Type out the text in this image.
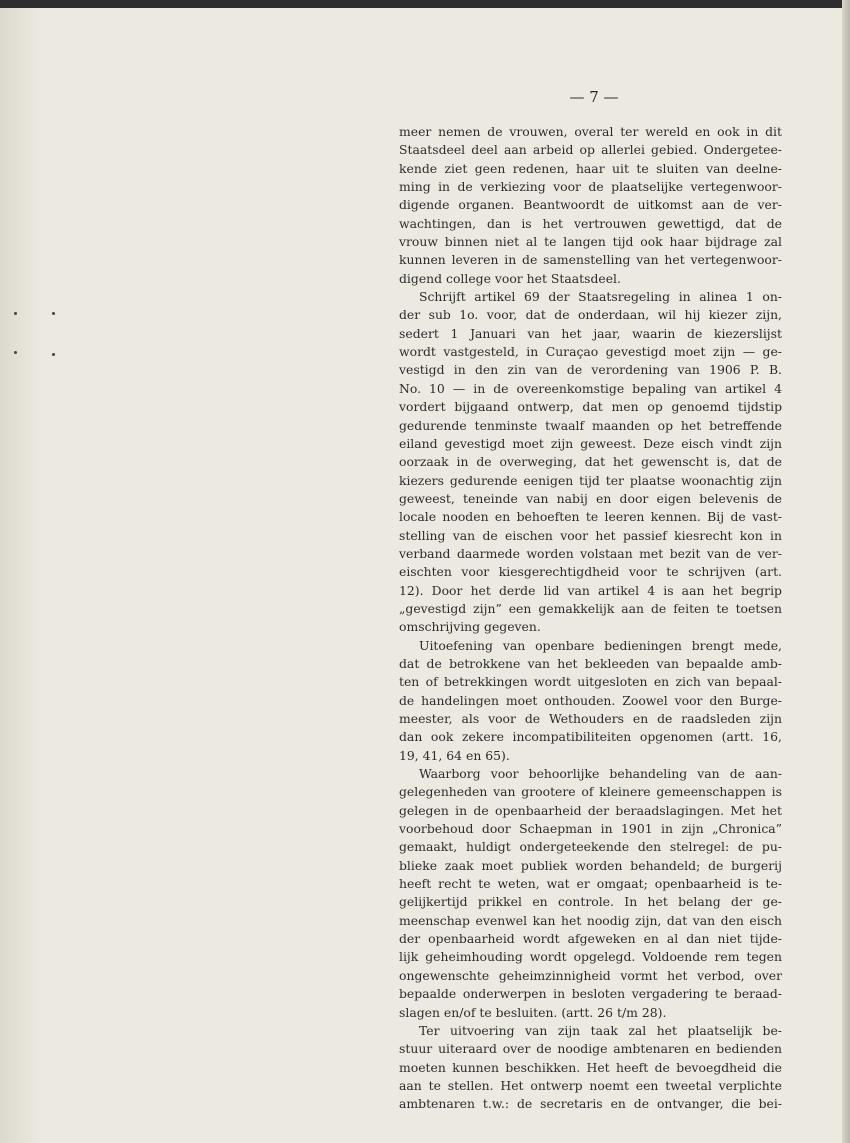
— 7 —

meer nemen de vrouwen, overal ter wereld en ook in dit

Staatsdeel deel aan arbeid op allerlei gebied. Ondergetee-

kende ziet geen redenen, haar uit te sluiten van deelne-

ming in de verkiezing voor de plaatselijke vertegenwoor-

digende organen. Beantwoordt de uitkomst aan de ver-

wachtingen, dan is het vertrouwen gewettigd, dat de

vrouw binnen niet al te langen tijd ook haar bijdrage zal

kunnen leveren in de samenstelling van het vertegenwoor-

digend college voor het Staatsdeel.

Schrijft artikel 69 der Staatsregeling in alinea 1 on-

der sub 1o. voor, dat de onderdaan, wil hij kiezer zijn,

sedert 1 Januari van het jaar, waarin de kiezerslijst

wordt vastgesteld, in Curaçao gevestigd moet zijn — ge-

vestigd in den zin van de verordening van 1906 P. B.

No. 10 — in de overeenkomstige bepaling van artikel 4

vordert bijgaand ontwerp, dat men op genoemd tijdstip

gedurende tenminste twaalf maanden op het betreffende

eiland gevestigd moet zijn geweest. Deze eisch vindt zijn

oorzaak in de overweging, dat het gewenscht is, dat de

kiezers gedurende eenigen tijd ter plaatse woonachtig zijn

geweest, teneinde van nabij en door eigen belevenis de

locale nooden en behoeften te leeren kennen. Bij de vast-

stelling van de eischen voor het passief kiesrecht kon in

verband daarmede worden volstaan met bezit van de ver-

eischten voor kiesgerechtigdheid voor te schrijven (art.

12). Door het derde lid van artikel 4 is aan het begrip

„gevestigd zijn” een gemakkelijk aan de feiten te toetsen

omschrijving gegeven.

Uitoefening van openbare bedieningen brengt mede,

dat de betrokkene van het bekleeden van bepaalde amb-

ten of betrekkingen wordt uitgesloten en zich van bepaal-

de handelingen moet onthouden. Zoowel voor den Burge-

meester, als voor de Wethouders en de raadsleden zijn

dan ook zekere incompatibiliteiten opgenomen (artt. 16,

19, 41, 64 en 65).

Waarborg voor behoorlijke behandeling van de aan-

gelegenheden van grootere of kleinere gemeenschappen is

gelegen in de openbaarheid der beraadslagingen. Met het

voorbehoud door Schaepman in 1901 in zijn „Chronica”

gemaakt, huldigt ondergeteekende den stelregel: de pu-

blieke zaak moet publiek worden behandeld; de burgerij

heeft recht te weten, wat er omgaat; openbaarheid is te-

gelijkertijd prikkel en controle. In het belang der ge-

meenschap evenwel kan het noodig zijn, dat van den eisch

der openbaarheid wordt afgeweken en al dan niet tijde-

lijk geheimhouding wordt opgelegd. Voldoende rem tegen

ongewenschte geheimzinnigheid vormt het verbod, over

bepaalde onderwerpen in besloten vergadering te beraad-

slagen en/of te besluiten. (artt. 26 t/m 28).

Ter uitvoering van zijn taak zal het plaatselijk be-

stuur uiteraard over de noodige ambtenaren en bedienden

moeten kunnen beschikken. Het heeft de bevoegdheid die

aan te stellen. Het ontwerp noemt een tweetal verplichte

ambtenaren t.w.: de secretaris en de ontvanger, die bei-
